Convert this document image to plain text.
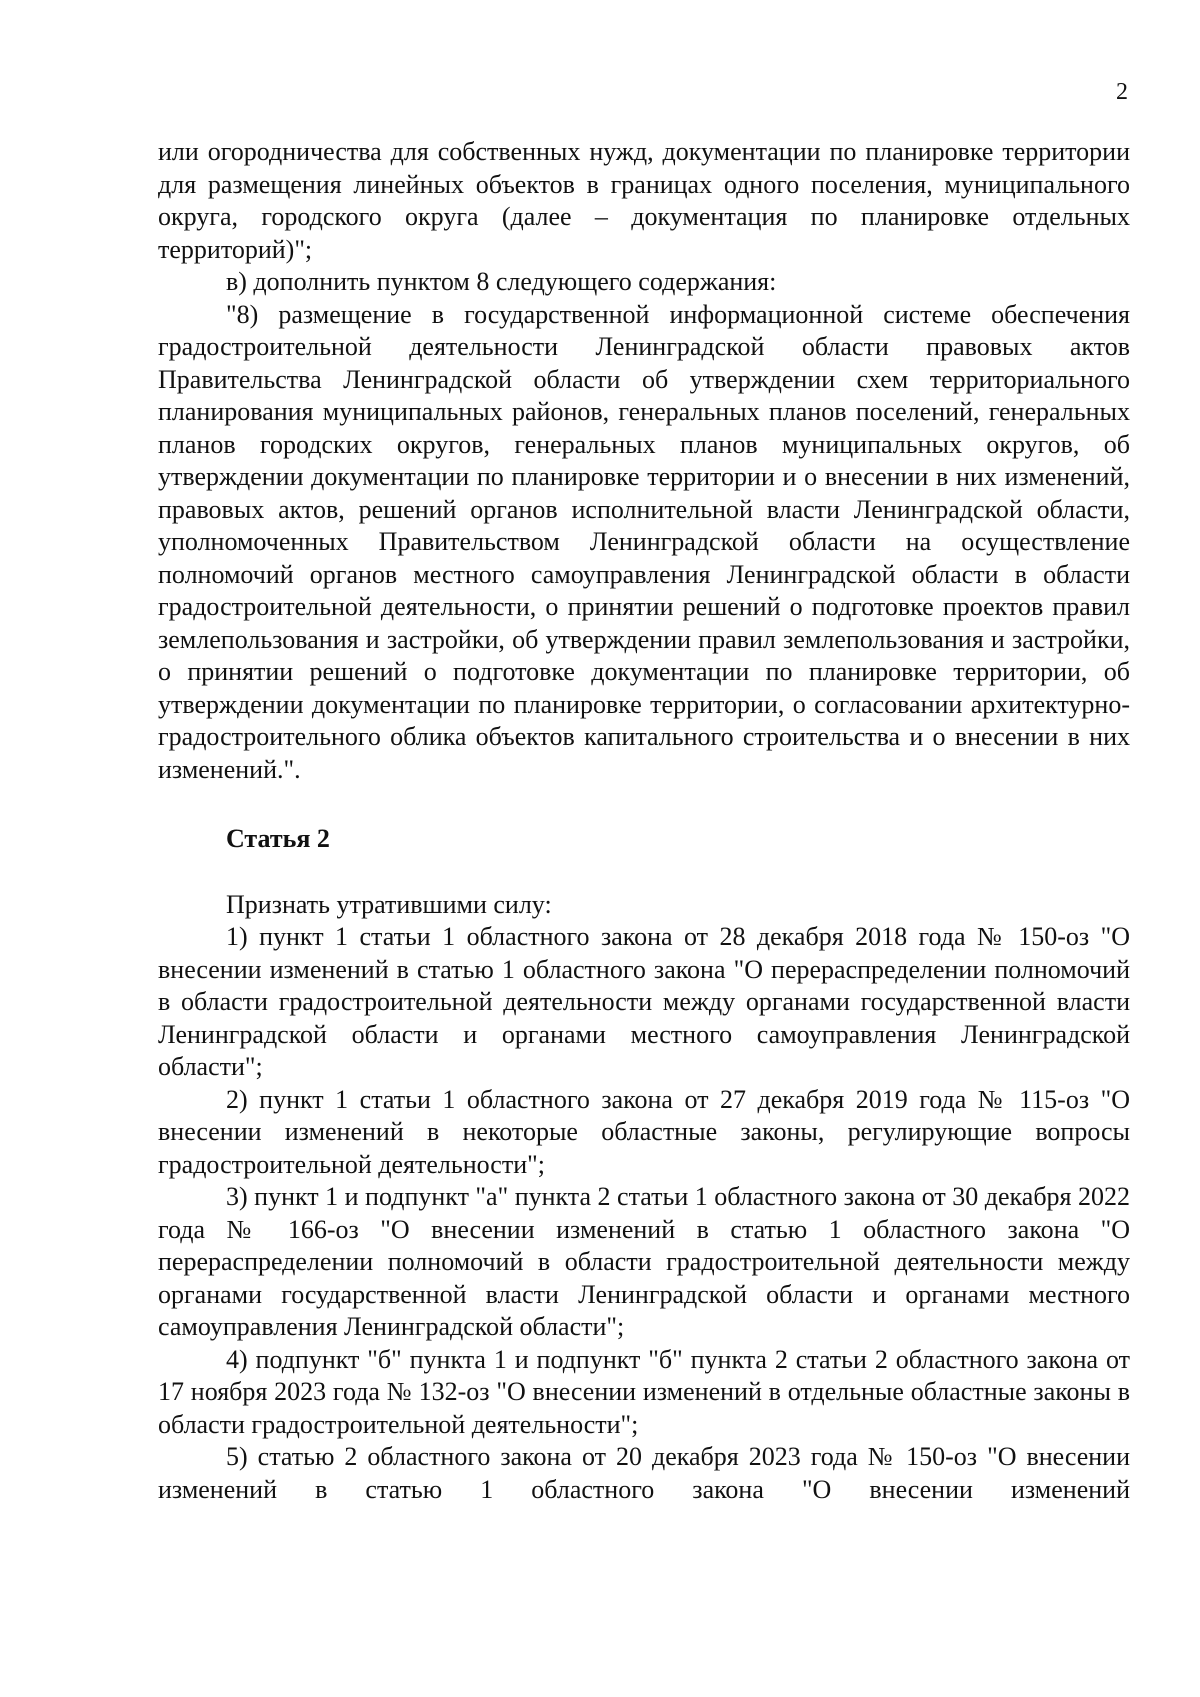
2

или огородничества для собственных нужд, документации по планировке территории для размещения линейных объектов в границах одного поселения, муниципального округа, городского округа (далее – документация по планировке отдельных территорий)";

в) дополнить пунктом 8 следующего содержания:

"8) размещение в государственной информационной системе обеспечения градостроительной деятельности Ленинградской области правовых актов Правительства Ленинградской области об утверждении схем территориального планирования муниципальных районов, генеральных планов поселений, генеральных планов городских округов, генеральных планов муниципальных округов, об утверждении документации по планировке территории и о внесении в них изменений, правовых актов, решений органов исполнительной власти Ленинградской области, уполномоченных Правительством Ленинградской области на осуществление полномочий органов местного самоуправления Ленинградской области в области градостроительной деятельности, о принятии решений о подготовке проектов правил землепользования и застройки, об утверждении правил землепользования и застройки, о принятии решений о подготовке документации по планировке территории, об утверждении документации по планировке территории, о согласовании архитектурно-градостроительного облика объектов капитального строительства и о внесении в них изменений.".

Статья 2

Признать утратившими силу:

1) пункт 1 статьи 1 областного закона от 28 декабря 2018 года № 150-оз "О внесении изменений в статью 1 областного закона "О перераспределении полномочий в области градостроительной деятельности между органами государственной власти Ленинградской области и органами местного самоуправления Ленинградской области";

2) пункт 1 статьи 1 областного закона от 27 декабря 2019 года № 115-оз "О внесении изменений в некоторые областные законы, регулирующие вопросы градостроительной деятельности";

3) пункт 1 и подпункт "а" пункта 2 статьи 1 областного закона от 30 декабря 2022 года № 166-оз "О внесении изменений в статью 1 областного закона "О перераспределении полномочий в области градостроительной деятельности между органами государственной власти Ленинградской области и органами местного самоуправления Ленинградской области";

4) подпункт "б" пункта 1 и подпункт "б" пункта 2 статьи 2 областного закона от 17 ноября 2023 года № 132-оз "О внесении изменений в отдельные областные законы в области градостроительной деятельности";

5) статью 2 областного закона от 20 декабря 2023 года № 150-оз "О внесении изменений в статью 1 областного закона "О внесении изменений
